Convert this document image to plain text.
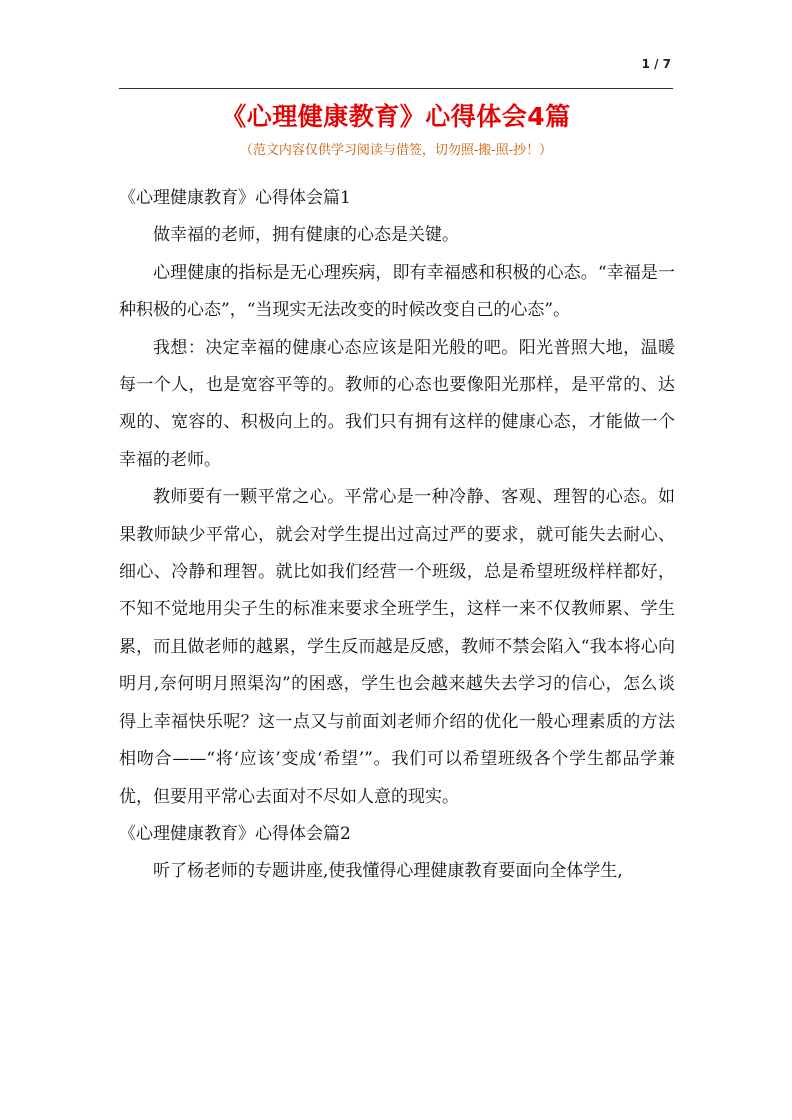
1 / 7
《心理健康教育》心得体会4篇
（范文内容仅供学习阅读与借签，切勿照-搬-照-抄！）

《心理健康教育》心得体会篇1

做幸福的老师，拥有健康的心态是关键。

心理健康的指标是无心理疾病，即有幸福感和积极的心态。“幸福是一种积极的心态”，“当现实无法改变的时候改变自己的心态”。

我想：决定幸福的健康心态应该是阳光般的吧。阳光普照大地，温暖每一个人，也是宽容平等的。教师的心态也要像阳光那样，是平常的、达观的、宽容的、积极向上的。我们只有拥有这样的健康心态，才能做一个幸福的老师。

教师要有一颗平常之心。平常心是一种冷静、客观、理智的心态。如果教师缺少平常心，就会对学生提出过高过严的要求，就可能失去耐心、细心、冷静和理智。就比如我们经营一个班级，总是希望班级样样都好，不知不觉地用尖子生的标准来要求全班学生，这样一来不仅教师累、学生累，而且做老师的越累，学生反而越是反感，教师不禁会陷入“我本将心向明月,奈何明月照渠沟”的困惑，学生也会越来越失去学习的信心，怎么谈得上幸福快乐呢？这一点又与前面刘老师介绍的优化一般心理素质的方法相吻合——“将‘应该’变成‘希望’”。我们可以希望班级各个学生都品学兼优，但要用平常心去面对不尽如人意的现实。

《心理健康教育》心得体会篇2

听了杨老师的专题讲座,使我懂得心理健康教育要面向全体学生,
